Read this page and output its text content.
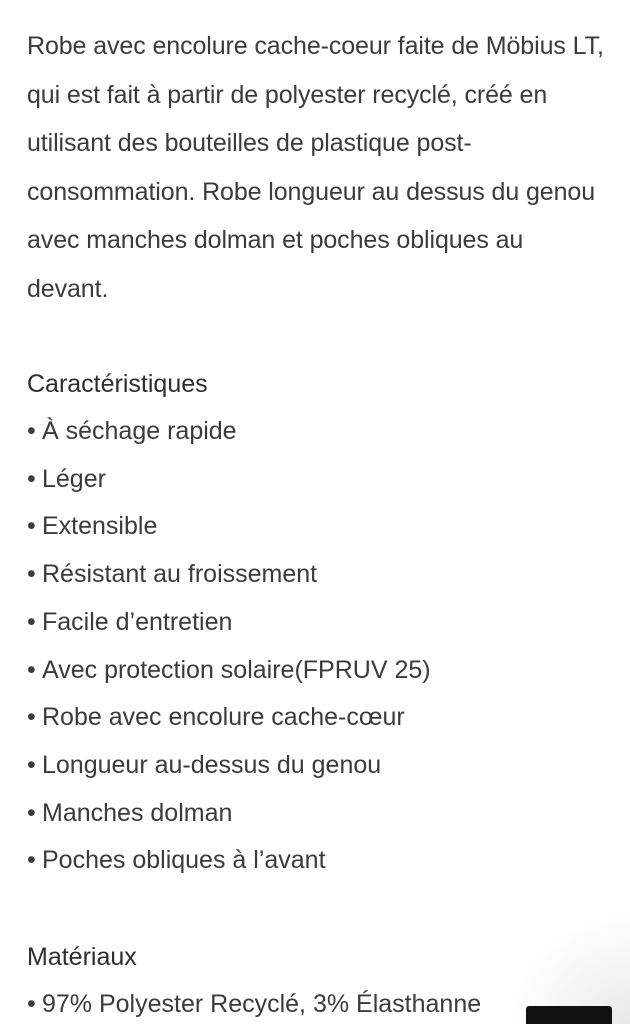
Robe avec encolure cache-coeur faite de Möbius LT, qui est fait à partir de polyester recyclé, créé en utilisant des bouteilles de plastique post-consommation. Robe longueur au dessus du genou avec manches dolman et poches obliques au devant.

Caractéristiques
• À séchage rapide
• Léger
• Extensible
• Résistant au froissement
• Facile d’entretien
• Avec protection solaire(FPRUV 25)
• Robe avec encolure cache-cœur
• Longueur au-dessus du genou
• Manches dolman
• Poches obliques à l’avant
Matériaux
• 97% Polyester Recyclé, 3% Élasthanne
